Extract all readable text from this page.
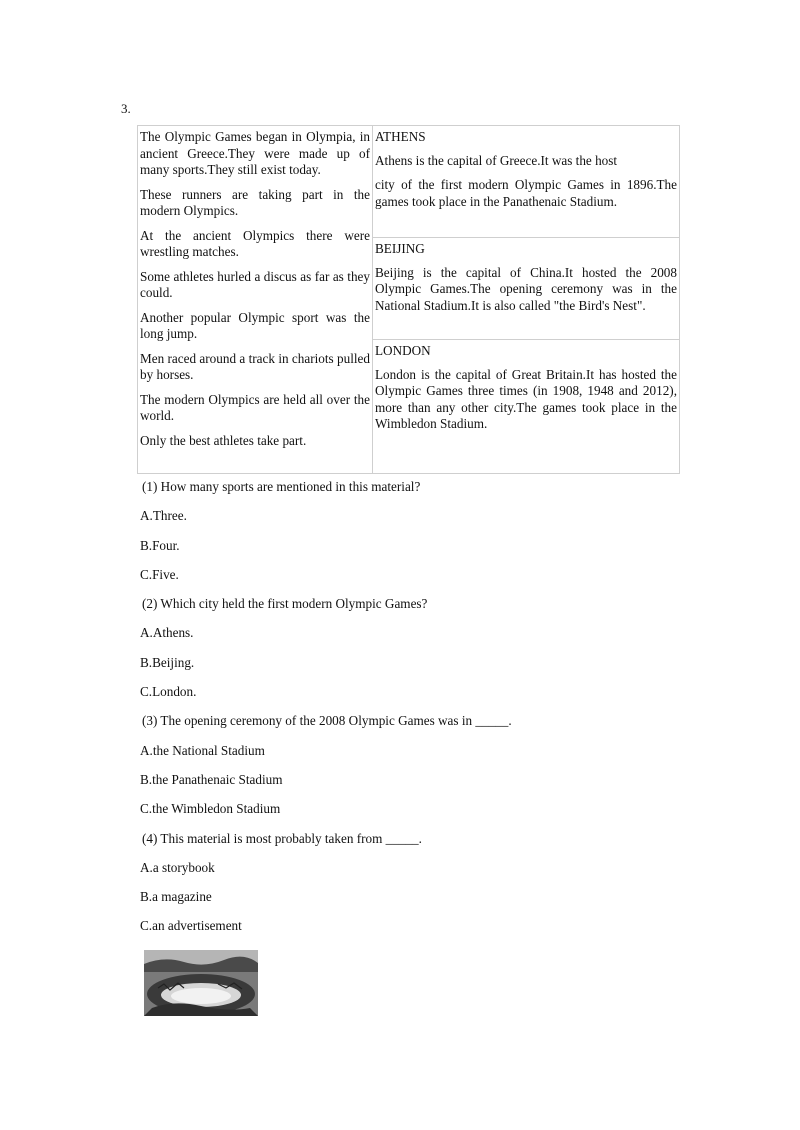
3.

The Olympic Games began in Olympia, in ancient Greece.They were made up of many sports.They still exist today.

These runners are taking part in the modern Olympics.

At the ancient Olympics there were wrestling matches.

Some athletes hurled a discus as far as they could.

Another popular Olympic sport was the long jump.

Men raced around a track in chariots pulled by horses.

The modern Olympics are held all over the world.

Only the best athletes take part.

ATHENS

Athens is the capital of Greece.It was the host

city of the first modern Olympic Games in 1896.The games took place in the Panathenaic Stadium.

BEIJING

Beijing is the capital of China.It hosted the 2008 Olympic Games.The opening ceremony was in the National Stadium.It is also called "the Bird's Nest".

LONDON

London is the capital of Great Britain.It has hosted the Olympic Games three times (in 1908, 1948 and 2012), more than any other city.The games took place in the Wimbledon Stadium.

(1) How many sports are mentioned in this material?
A.Three.
B.Four.
C.Five.
(2) Which city held the first modern Olympic Games?
A.Athens.
B.Beijing.
C.London.
(3) The opening ceremony of the 2008 Olympic Games was in _____.
A.the National Stadium
B.the Panathenaic Stadium
C.the Wimbledon Stadium
(4) This material is most probably taken from _____.
A.a storybook
B.a magazine
C.an advertisement
